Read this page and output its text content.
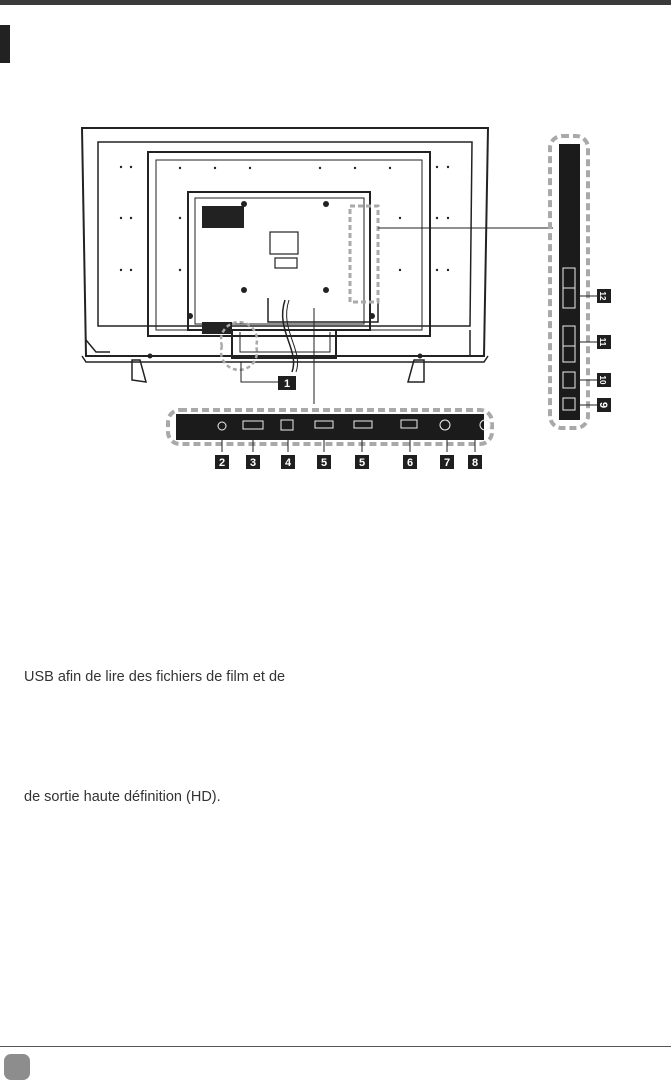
1
2 3	4	5	5	6	7 8
12
11
10
9
USB afin de lire des fichiers de film et de
de sortie haute définition (HD).
